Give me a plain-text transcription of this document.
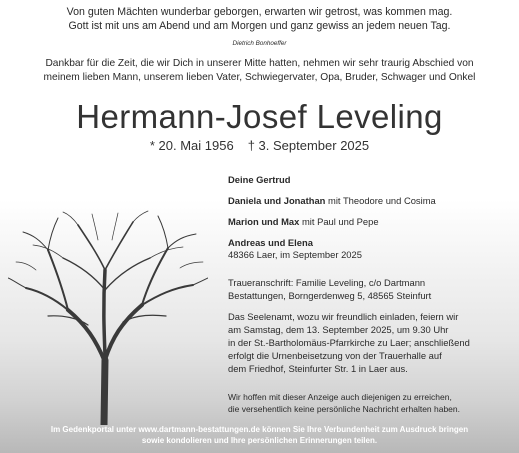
Von guten Mächten wunderbar geborgen, erwarten wir getrost, was kommen mag.
Gott ist mit uns am Abend und am Morgen und ganz gewiss an jedem neuen Tag.
Dietrich Bonhoeffer
Dankbar für die Zeit, die wir Dich in unserer Mitte hatten, nehmen wir sehr traurig Abschied von
meinem lieben Mann, unserem lieben Vater, Schwiegervater, Opa, Bruder, Schwager und Onkel
Hermann-Josef Leveling
* 20. Mai 1956 † 3. September 2025
Deine Gertrud
Daniela und Jonathan mit Theodore und Cosima
Marion und Max mit Paul und Pepe
Andreas und Elena
48366 Laer, im September 2025
Traueranschrift: Familie Leveling, c/o Dartmann
Bestattungen, Borngerdenweg 5, 48565 Steinfurt
Das Seelenamt, wozu wir freundlich einladen, feiern wir
am Samstag, dem 13. September 2025, um 9.30 Uhr
in der St.-Bartholomäus-Pfarrkirche zu Laer; anschließend
erfolgt die Urnenbeisetzung von der Trauerhalle auf
dem Friedhof, Steinfurter Str. 1 in Laer aus.
Wir hoffen mit dieser Anzeige auch diejenigen zu erreichen,
die versehentlich keine persönliche Nachricht erhalten haben.
Im Gedenkportal unter www.dartmann-bestattungen.de können Sie Ihre Verbundenheit zum Ausdruck bringen
sowie kondolieren und Ihre persönlichen Erinnerungen teilen.
